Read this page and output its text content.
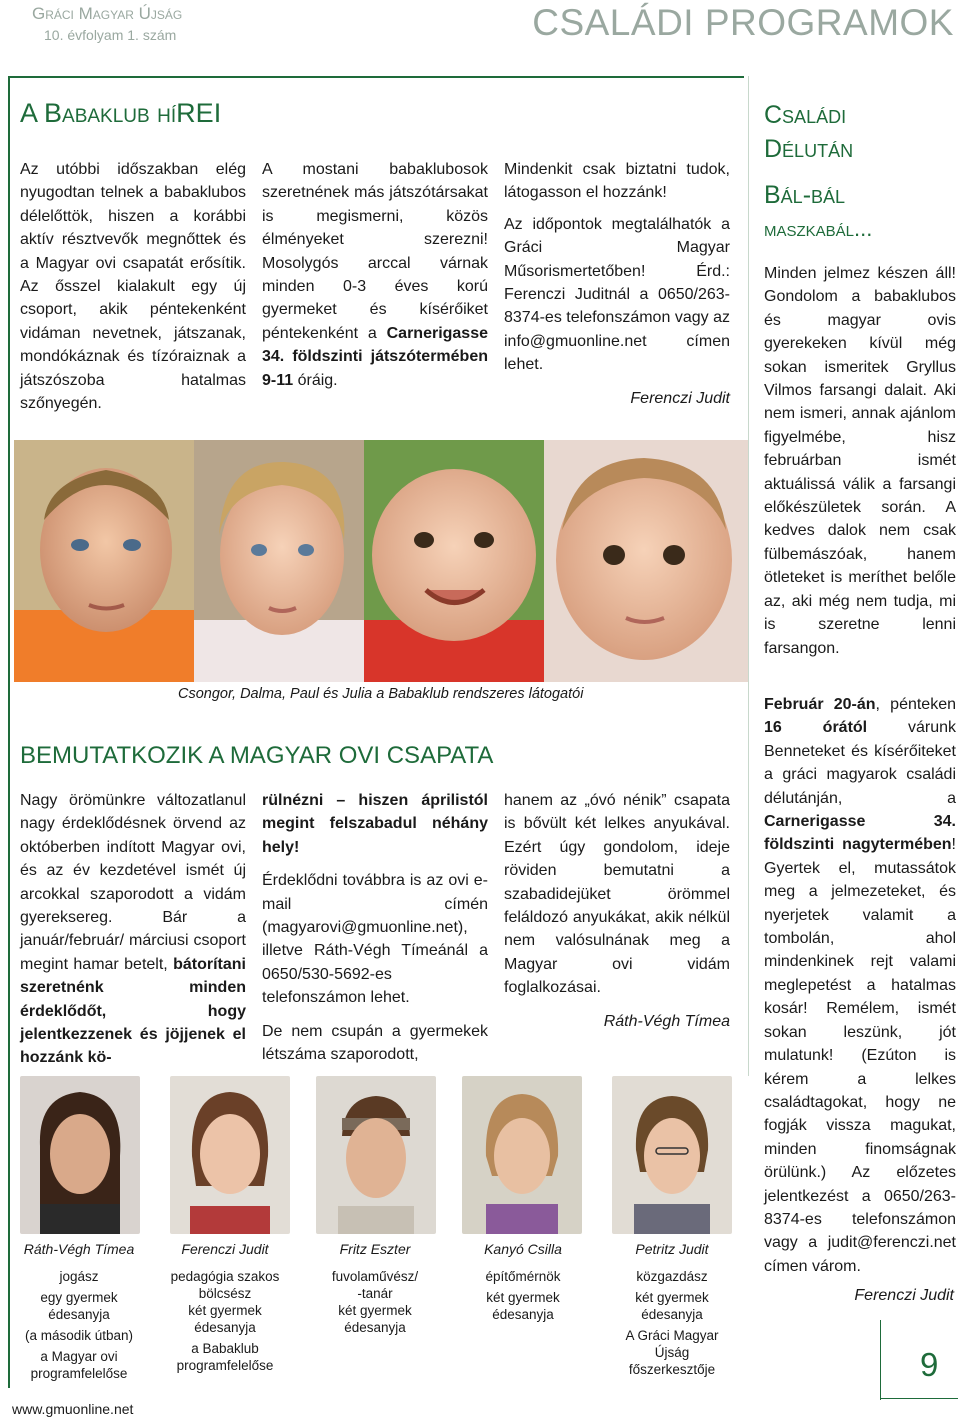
Gráci Magyar Újság
10. évfolyam 1. szám	CSALÁDI PROGRAMOK
A Babaklub híREI
Az utóbbi időszakban elég nyugodtan telnek a babaklubos délelőttök, hiszen a korábbi aktív résztvevők megnőttek és a Magyar ovi csapatát erősítik. Az ősszel kialakult egy új csoport, akik péntekenként vidáman nevetnek, játszanak, mondókáznak és tízóraiznak a játszószoba hatalmas szőnyegén.
A mostani babaklubosok szeretnének más játszótársakat is megismerni, közös élményeket szerezni! Mosolygós arccal várnak minden 0-3 éves korú gyermeket és kísérőiket péntekenként a Carnerigasse 34. földszinti játszótermében 9-11 óráig.
Mindenkit csak biztatni tudok, látogasson el hozzánk!
Az időpontok megtalálhatók a Gráci Magyar Műsorismertetőben! Érd.: Ferenczi Juditnál a 0650/263-8374-es telefonszámon vagy az info@gmuonline.net címen lehet.
Ferenczi Judit
Csongor, Dalma, Paul és Julia a Babaklub rendszeres látogatói
BEMUTATKOZIK A MAGYAR OVI CSAPATA
Nagy örömünkre változatlanul nagy érdeklődésnek örvend az októberben indított Magyar ovi, és az év kezdetével ismét új arcokkal szaporodott a vidám gyereksereg. Bár a január/február/ márciusi csoport megint hamar betelt, bátorítani szeretnénk minden érdeklődőt, hogy jelentkezzenek és jöjjenek el hozzánk kö-
rülnézni – hiszen áprilistól megint felszabadul néhány hely!
Érdeklődni továbbra is az ovi e-mail címén (magyarovi@gmuonline.net), illetve Ráth-Végh Tímeánál a 0650/530-5692-es telefonszámon lehet.
De nem csupán a gyermekek létszáma szaporodott,
hanem az „óvó nénik” csapata is bővült két lelkes anyukával. Ezért úgy gondolom, ideje röviden bemutatni a szabadidejüket örömmel feláldozó anyukákat, akik nélkül nem valósulnának meg a Magyar ovi vidám foglalkozásai.
Ráth-Végh Tímea
Ráth-Végh Tímea
jogász
egy gyermek
édesanyja
(a második útban)
a Magyar ovi
programfelelőse
Ferenczi Judit
pedagógia szakos
bölcsész
két gyermek
édesanyja
a Babaklub
programfelelőse
Fritz Eszter
fuvolaművész/
-tanár
két gyermek
édesanyja
Kanyó Csilla
építőmérnök
két gyermek
édesanyja
Petritz Judit
közgazdász
két gyermek
édesanyja
A Gráci Magyar
Újság
főszerkesztője
Családi
Délután
Bál-bál
maszkabál...
Minden jelmez készen áll! Gondolom a babaklubos és magyar ovis gyerekeken kívül még sokan ismeritek Gryllus Vilmos farsangi dalait. Aki nem ismeri, annak ajánlom figyelmébe, hisz februárban ismét aktuálissá válik a farsangi előkészületek során. A kedves dalok nem csak fülbemászóak, hanem ötleteket is meríthet belőle az, aki még nem tudja, mi is szeretne lenni farsangon.
Február 20-án, pénteken 16 órától várunk Benneteket és kísérőiteket a gráci magyarok családi délutánján, a Carnerigasse 34. földszinti nagytermében! Gyertek el, mutassátok meg a jelmezeteket, és nyerjetek valamit a tombolán, ahol mindenkinek rejt valami meglepetést a hatalmas kosár! Remélem, ismét sokan leszünk, jót mulatunk! (Ezúton is kérem a lelkes családtagokat, hogy ne fogják vissza magukat, minden finomságnak örülünk.) Az előzetes jelentkezést a 0650/263-8374-es telefonszámon vagy a judit@ferenczi.net címen várom.
Ferenczi Judit
www.gmuonline.net
9
